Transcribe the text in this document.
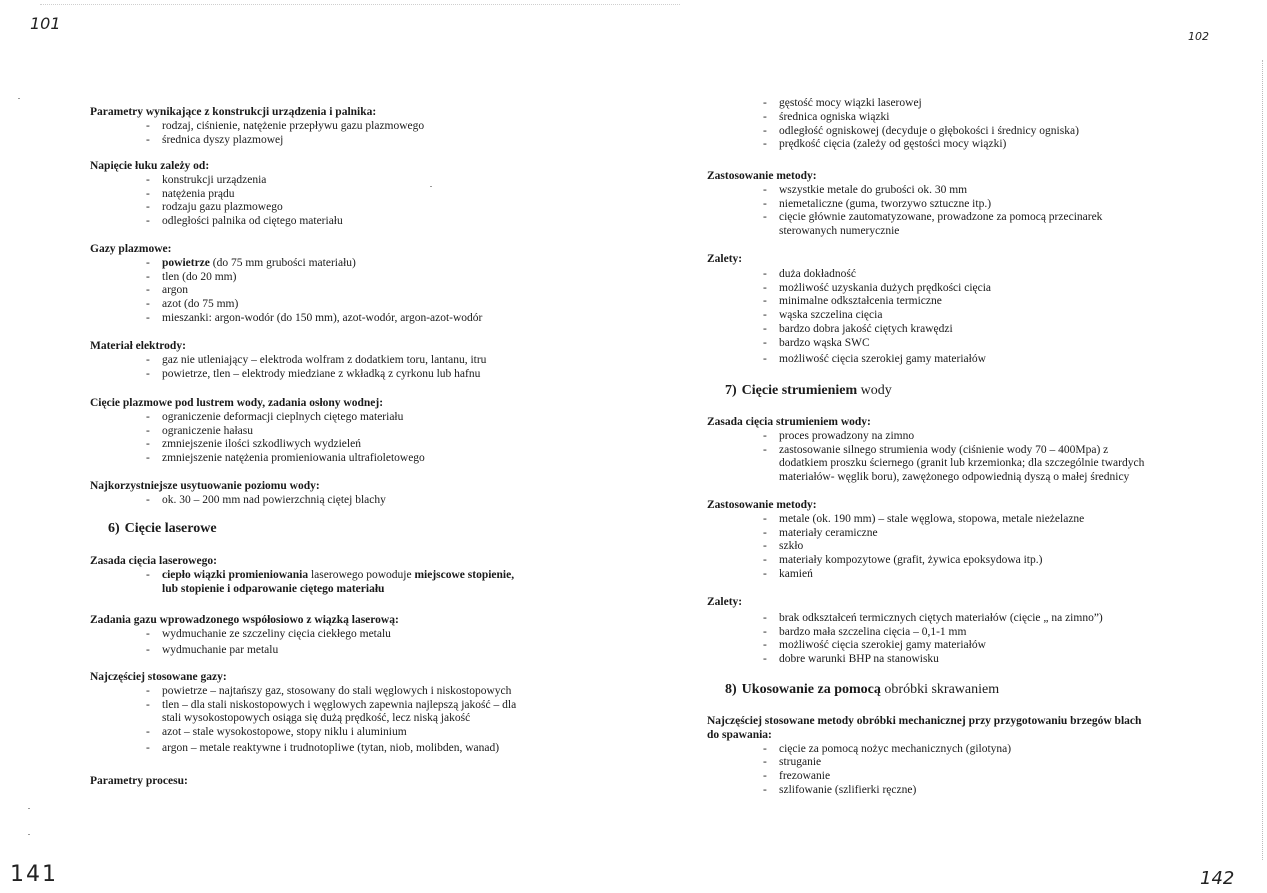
101
102
141	142

Parametry wynikające z konstrukcji urządzenia i palnika:

- rodzaj, ciśnienie, natężenie przepływu gazu plazmowego
- średnica dyszy plazmowej

Napięcie łuku zależy od:

- konstrukcji urządzenia
- natężenia prądu
- rodzaju gazu plazmowego
- odległości palnika od ciętego materiału

Gazy plazmowe:

- powietrze (do 75 mm grubości materiału)
- tlen (do 20 mm)
- argon
- azot (do 75 mm)
- mieszanki: argon-wodór (do 150 mm), azot-wodór, argon-azot-wodór

Materiał elektrody:

- gaz nie utleniający – elektroda wolfram z dodatkiem toru, lantanu, itru
- powietrze, tlen – elektrody miedziane z wkładką z cyrkonu lub hafnu

Cięcie plazmowe pod lustrem wody, zadania osłony wodnej:

- ograniczenie deformacji cieplnych ciętego materiału
- ograniczenie hałasu
- zmniejszenie ilości szkodliwych wydzieleń
- zmniejszenie natężenia promieniowania ultrafioletowego

Najkorzystniejsze usytuowanie poziomu wody:

- ok. 30 – 200 mm nad powierzchnią ciętej blachy

6) Cięcie laserowe

Zasada cięcia laserowego:

- ciepło wiązki promieniowania laserowego powoduje miejscowe stopienie,
lub stopienie i odparowanie ciętego materiału

Zadania gazu wprowadzonego współosiowo z wiązką laserową:

- wydmuchanie ze szczeliny cięcia ciekłego metalu
- wydmuchanie par metalu

Najczęściej stosowane gazy:

- powietrze – najtańszy gaz, stosowany do stali węglowych i niskostopowych
- tlen – dla stali niskostopowych i węglowych zapewnia najlepszą jakość – dla
stali wysokostopowych osiąga się dużą prędkość, lecz niską jakość
- azot – stale wysokostopowe, stopy niklu i aluminium
- argon – metale reaktywne i trudnotopliwe (tytan, niob, molibden, wanad)

Parametry procesu:

- gęstość mocy wiązki laserowej
- średnica ogniska wiązki
- odległość ogniskowej (decyduje o głębokości i średnicy ogniska)
- prędkość cięcia (zależy od gęstości mocy wiązki)

Zastosowanie metody:

- wszystkie metale do grubości ok. 30 mm
- niemetaliczne (guma, tworzywo sztuczne itp.)
- cięcie głównie zautomatyzowane, prowadzone za pomocą przecinarek
sterowanych numerycznie

Zalety:

- duża dokładność
- możliwość uzyskania dużych prędkości cięcia
- minimalne odkształcenia termiczne
- wąska szczelina cięcia
- bardzo dobra jakość ciętych krawędzi
- bardzo wąska SWC
- możliwość cięcia szerokiej gamy materiałów

7) Cięcie strumieniem wody

Zasada cięcia strumieniem wody:

- proces prowadzony na zimno
- zastosowanie silnego strumienia wody (ciśnienie wody 70 – 400Mpa) z
dodatkiem proszku ściernego (granit lub krzemionka; dla szczególnie twardych
materiałów- węglik boru), zawężonego odpowiednią dyszą o małej średnicy

Zastosowanie metody:

- metale (ok. 190 mm) – stale węglowa, stopowa, metale nieżelazne
- materiały ceramiczne
- szkło
- materiały kompozytowe (grafit, żywica epoksydowa itp.)
- kamień

Zalety:

- brak odkształceń termicznych ciętych materiałów (cięcie „ na zimno”)
- bardzo mała szczelina cięcia – 0,1-1 mm
- możliwość cięcia szerokiej gamy materiałów
- dobre warunki BHP na stanowisku

8) Ukosowanie za pomocą obróbki skrawaniem

Najczęściej stosowane metody obróbki mechanicznej przy przygotowaniu brzegów blach

do spawania:

- cięcie za pomocą nożyc mechanicznych (gilotyna)
- struganie
- frezowanie
- szlifowanie (szlifierki ręczne)
